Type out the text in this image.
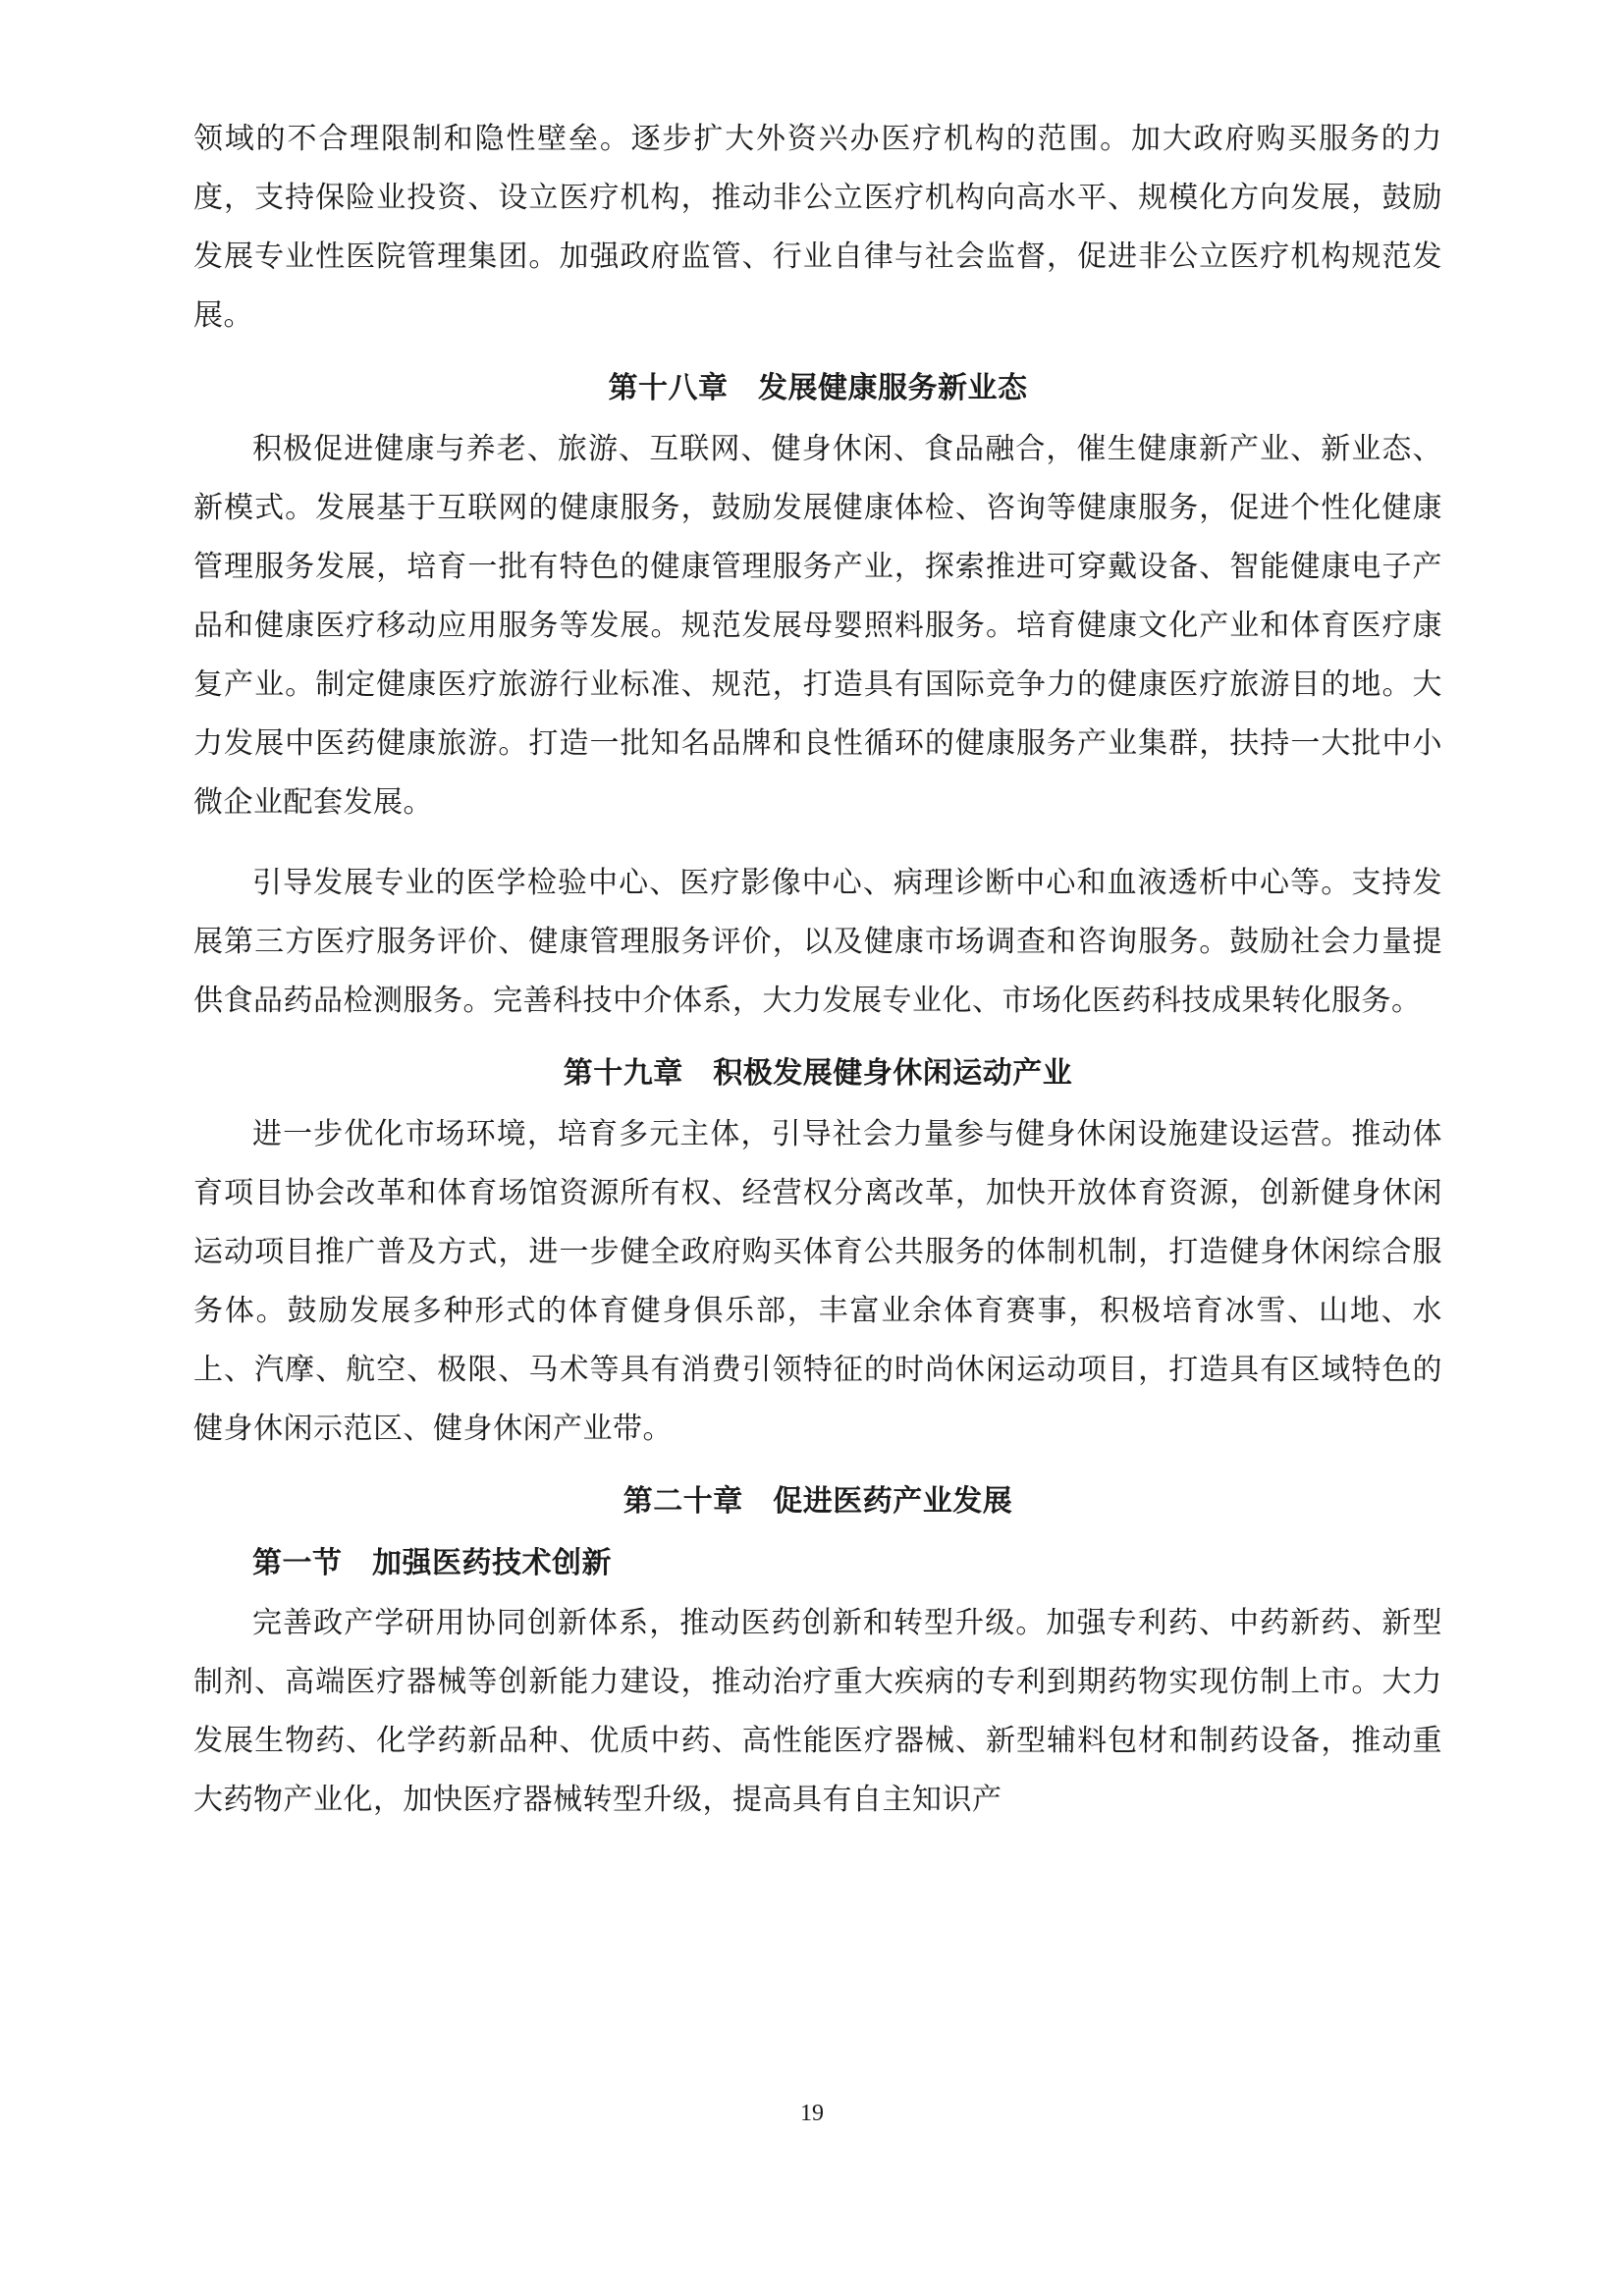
领域的不合理限制和隐性壁垒。逐步扩大外资兴办医疗机构的范围。加大政府购买服务的力度，支持保险业投资、设立医疗机构，推动非公立医疗机构向高水平、规模化方向发展，鼓励发展专业性医院管理集团。加强政府监管、行业自律与社会监督，促进非公立医疗机构规范发展。

第十八章　发展健康服务新业态

积极促进健康与养老、旅游、互联网、健身休闲、食品融合，催生健康新产业、新业态、新模式。发展基于互联网的健康服务，鼓励发展健康体检、咨询等健康服务，促进个性化健康管理服务发展，培育一批有特色的健康管理服务产业，探索推进可穿戴设备、智能健康电子产品和健康医疗移动应用服务等发展。规范发展母婴照料服务。培育健康文化产业和体育医疗康复产业。制定健康医疗旅游行业标准、规范，打造具有国际竞争力的健康医疗旅游目的地。大力发展中医药健康旅游。打造一批知名品牌和良性循环的健康服务产业集群，扶持一大批中小微企业配套发展。

引导发展专业的医学检验中心、医疗影像中心、病理诊断中心和血液透析中心等。支持发展第三方医疗服务评价、健康管理服务评价，以及健康市场调查和咨询服务。鼓励社会力量提供食品药品检测服务。完善科技中介体系，大力发展专业化、市场化医药科技成果转化服务。

第十九章　积极发展健身休闲运动产业

进一步优化市场环境，培育多元主体，引导社会力量参与健身休闲设施建设运营。推动体育项目协会改革和体育场馆资源所有权、经营权分离改革，加快开放体育资源，创新健身休闲运动项目推广普及方式，进一步健全政府购买体育公共服务的体制机制，打造健身休闲综合服务体。鼓励发展多种形式的体育健身俱乐部，丰富业余体育赛事，积极培育冰雪、山地、水上、汽摩、航空、极限、马术等具有消费引领特征的时尚休闲运动项目，打造具有区域特色的健身休闲示范区、健身休闲产业带。

第二十章　促进医药产业发展
第一节　加强医药技术创新

完善政产学研用协同创新体系，推动医药创新和转型升级。加强专利药、中药新药、新型制剂、高端医疗器械等创新能力建设，推动治疗重大疾病的专利到期药物实现仿制上市。大力发展生物药、化学药新品种、优质中药、高性能医疗器械、新型辅料包材和制药设备，推动重大药物产业化，加快医疗器械转型升级，提高具有自主知识产

19
